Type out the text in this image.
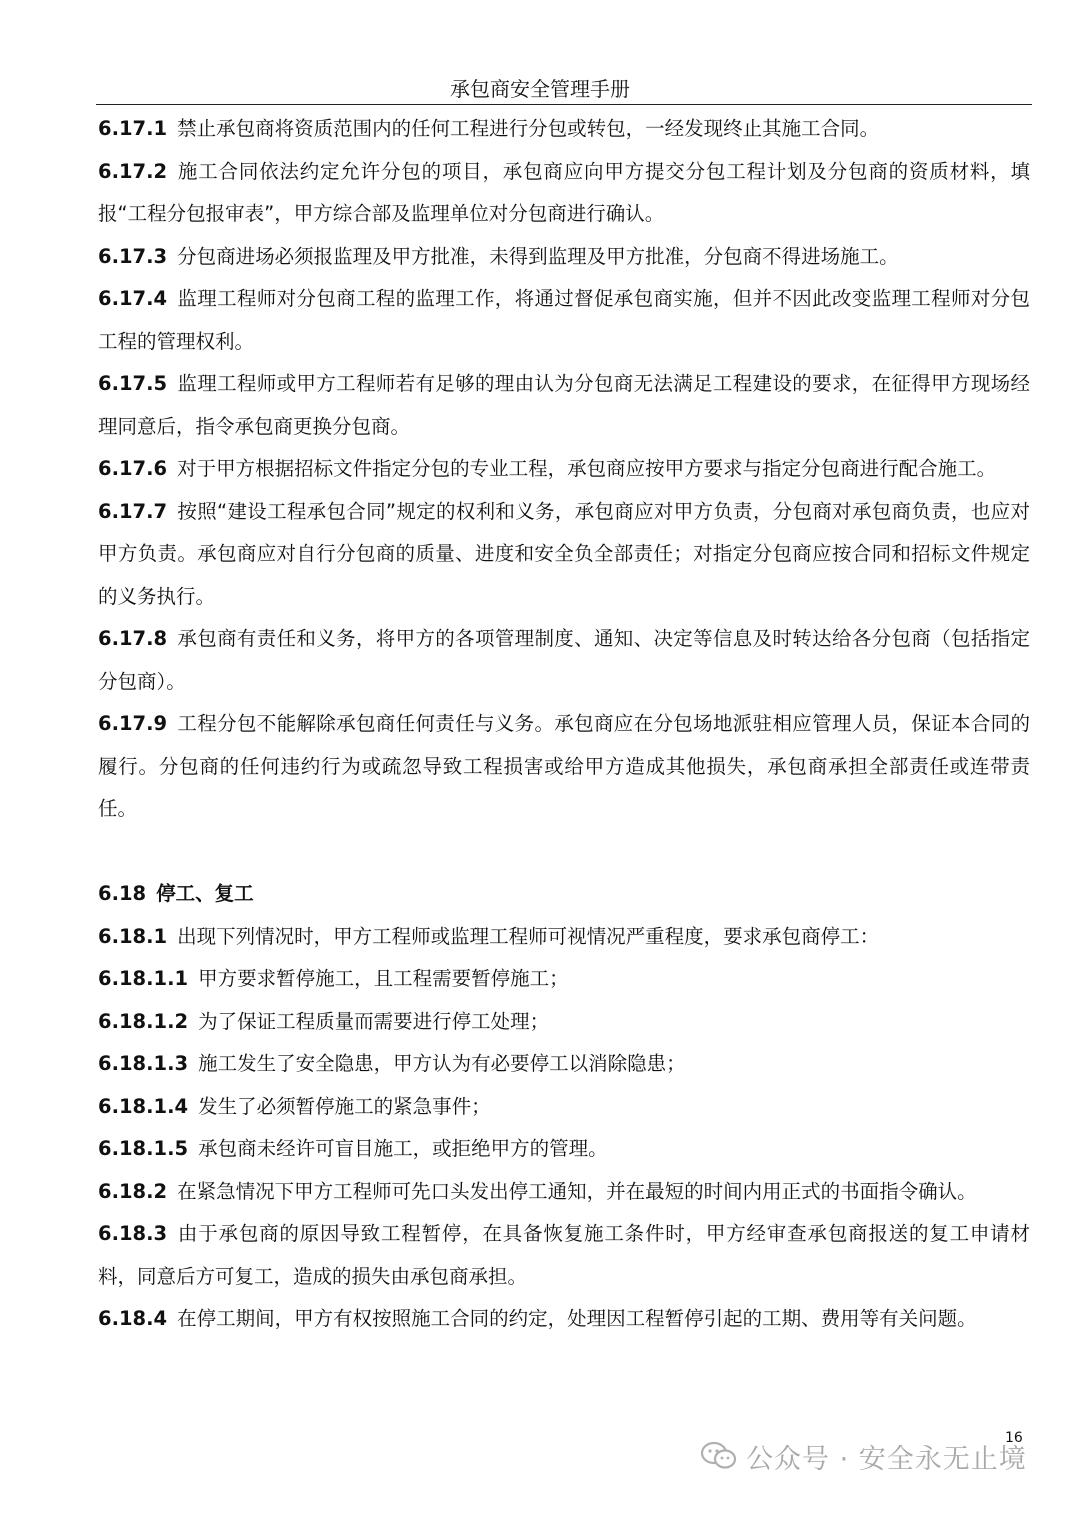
承包商安全管理手册

6.17.1 禁止承包商将资质范围内的任何工程进行分包或转包，一经发现终止其施工合同。

6.17.2 施工合同依法约定允许分包的项目，承包商应向甲方提交分包工程计划及分包商的资质材料，填报“工程分包报审表”，甲方综合部及监理单位对分包商进行确认。

6.17.3 分包商进场必须报监理及甲方批准，未得到监理及甲方批准，分包商不得进场施工。

6.17.4 监理工程师对分包商工程的监理工作，将通过督促承包商实施，但并不因此改变监理工程师对分包工程的管理权利。

6.17.5 监理工程师或甲方工程师若有足够的理由认为分包商无法满足工程建设的要求，在征得甲方现场经理同意后，指令承包商更换分包商。

6.17.6 对于甲方根据招标文件指定分包的专业工程，承包商应按甲方要求与指定分包商进行配合施工。

6.17.7 按照“建设工程承包合同”规定的权利和义务，承包商应对甲方负责，分包商对承包商负责，也应对甲方负责。承包商应对自行分包商的质量、进度和安全负全部责任；对指定分包商应按合同和招标文件规定的义务执行。

6.17.8 承包商有责任和义务，将甲方的各项管理制度、通知、决定等信息及时转达给各分包商（包括指定分包商）。

6.17.9 工程分包不能解除承包商任何责任与义务。承包商应在分包场地派驻相应管理人员，保证本合同的履行。分包商的任何违约行为或疏忽导致工程损害或给甲方造成其他损失，承包商承担全部责任或连带责任。

6.18 停工、复工

6.18.1 出现下列情况时，甲方工程师或监理工程师可视情况严重程度，要求承包商停工：

6.18.1.1 甲方要求暂停施工，且工程需要暂停施工；

6.18.1.2 为了保证工程质量而需要进行停工处理；

6.18.1.3 施工发生了安全隐患，甲方认为有必要停工以消除隐患；

6.18.1.4 发生了必须暂停施工的紧急事件；

6.18.1.5 承包商未经许可盲目施工，或拒绝甲方的管理。

6.18.2 在紧急情况下甲方工程师可先口头发出停工通知，并在最短的时间内用正式的书面指令确认。

6.18.3 由于承包商的原因导致工程暂停，在具备恢复施工条件时，甲方经审查承包商报送的复工申请材料，同意后方可复工，造成的损失由承包商承担。

6.18.4 在停工期间，甲方有权按照施工合同的约定，处理因工程暂停引起的工期、费用等有关问题。

16
公众号 · 安全永无止境
